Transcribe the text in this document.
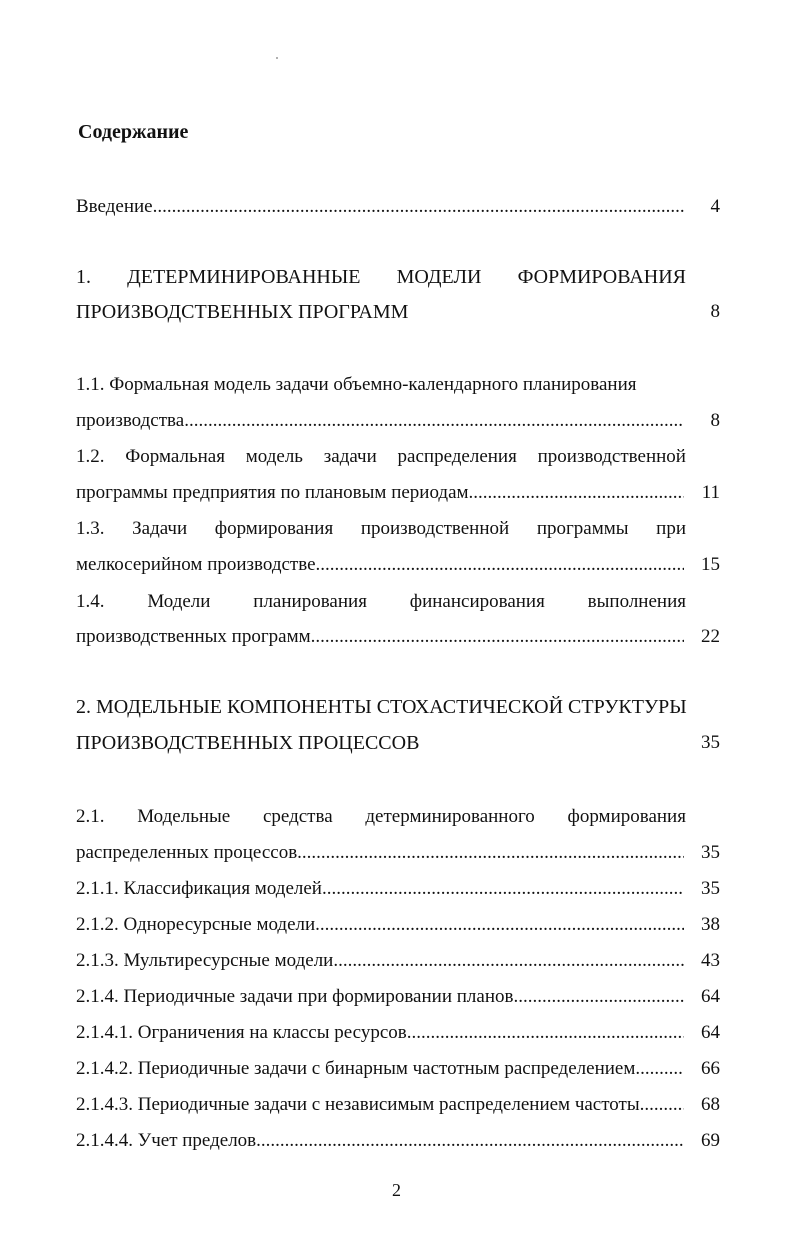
Содержание
Введение .....	4
1. ДЕТЕРМИНИРОВАННЫЕ МОДЕЛИ ФОРМИРОВАНИЯ
ПРОИЗВОДСТВЕННЫХ ПРОГРАММ	8
1.1. Формальная модель задачи объемно-календарного планирования
производства .....	8
1.2. Формальная модель задачи распределения производственной
программы предприятия по плановым периодам .....	11
1.3. Задачи формирования производственной программы при
мелкосерийном производстве .....	15
1.4. Модели планирования финансирования выполнения
производственных программ .....	22
2. МОДЕЛЬНЫЕ КОМПОНЕНТЫ СТОХАСТИЧЕСКОЙ СТРУКТУРЫ
ПРОИЗВОДСТВЕННЫХ ПРОЦЕССОВ	35
2.1. Модельные средства детерминированного формирования
распределенных процессов .....	35
2.1.1. Классификация моделей .....	35
2.1.2. Одноресурсные модели .....	38
2.1.3. Мультиресурсные модели .....	43
2.1.4. Периодичные задачи при формировании планов .....	64
2.1.4.1. Ограничения на классы ресурсов .....	64
2.1.4.2. Периодичные задачи с бинарным частотным распределением .....	66
2.1.4.3. Периодичные задачи с независимым распределением частоты .....	68
2.1.4.4. Учет пределов .....	69
2
